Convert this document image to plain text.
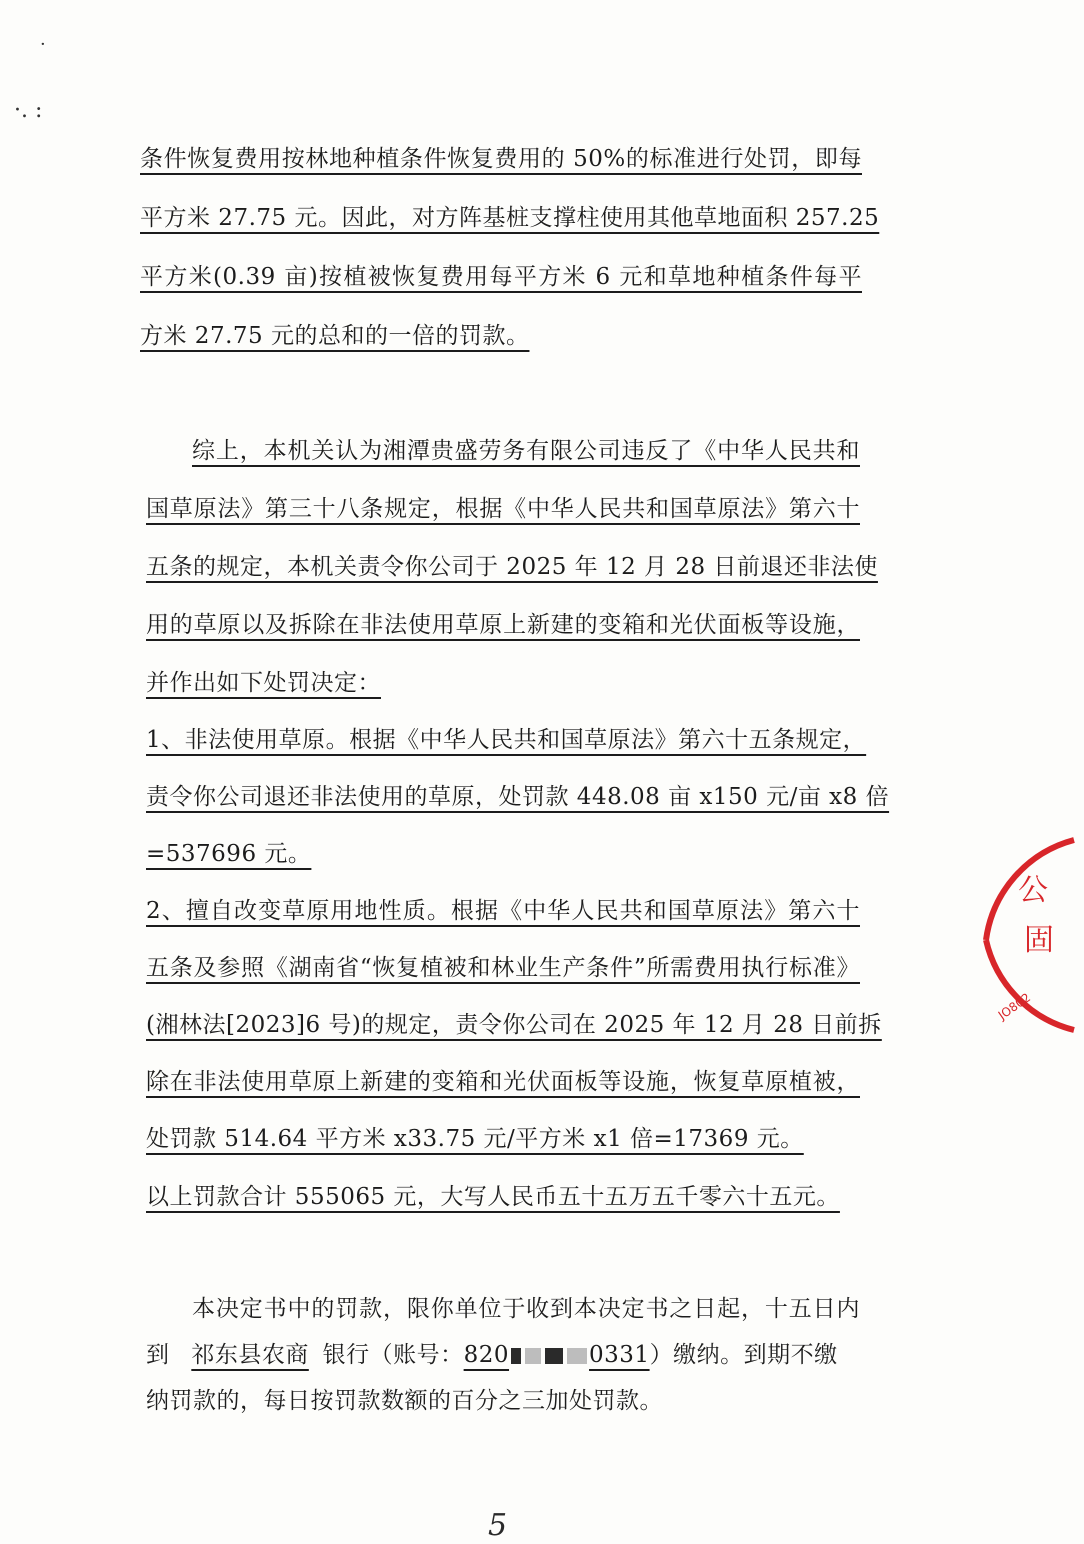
·
·. :
条件恢复费用按林地种植条件恢复费用的 50%的标准进行处罚，即每
平方米 27.75 元。因此，对方阵基桩支撑柱使用其他草地面积 257.25
平方米(0.39 亩)按植被恢复费用每平方米 6 元和草地种植条件每平
方米 27.75 元的总和的一倍的罚款。
综上，本机关认为湘潭贵盛劳务有限公司违反了《中华人民共和
国草原法》第三十八条规定，根据《中华人民共和国草原法》第六十
五条的规定，本机关责令你公司于 2025 年 12 月 28 日前退还非法使
用的草原以及拆除在非法使用草原上新建的变箱和光伏面板等设施，
并作出如下处罚决定：
1、非法使用草原。根据《中华人民共和国草原法》第六十五条规定，
责令你公司退还非法使用的草原，处罚款 448.08 亩 x150 元/亩 x8 倍
=537696 元。
2、擅自改变草原用地性质。根据《中华人民共和国草原法》第六十
五条及参照《湖南省“恢复植被和林业生产条件”所需费用执行标准》
(湘林法[2023]6 号)的规定，责令你公司在 2025 年 12 月 28 日前拆
除在非法使用草原上新建的变箱和光伏面板等设施，恢复草原植被，
处罚款 514.64 平方米 x33.75 元/平方米 x1 倍=17369 元。
以上罚款合计 555065 元，大写人民币五十五万五千零六十五元。
本决定书中的罚款，限你单位于收到本决定书之日起，十五日内
到 祁东县农商 银行（账号：820	0331）缴纳。到期不缴
纳罚款的，每日按罚款数额的百分之三加处罚款。
公
固
JO802
5
